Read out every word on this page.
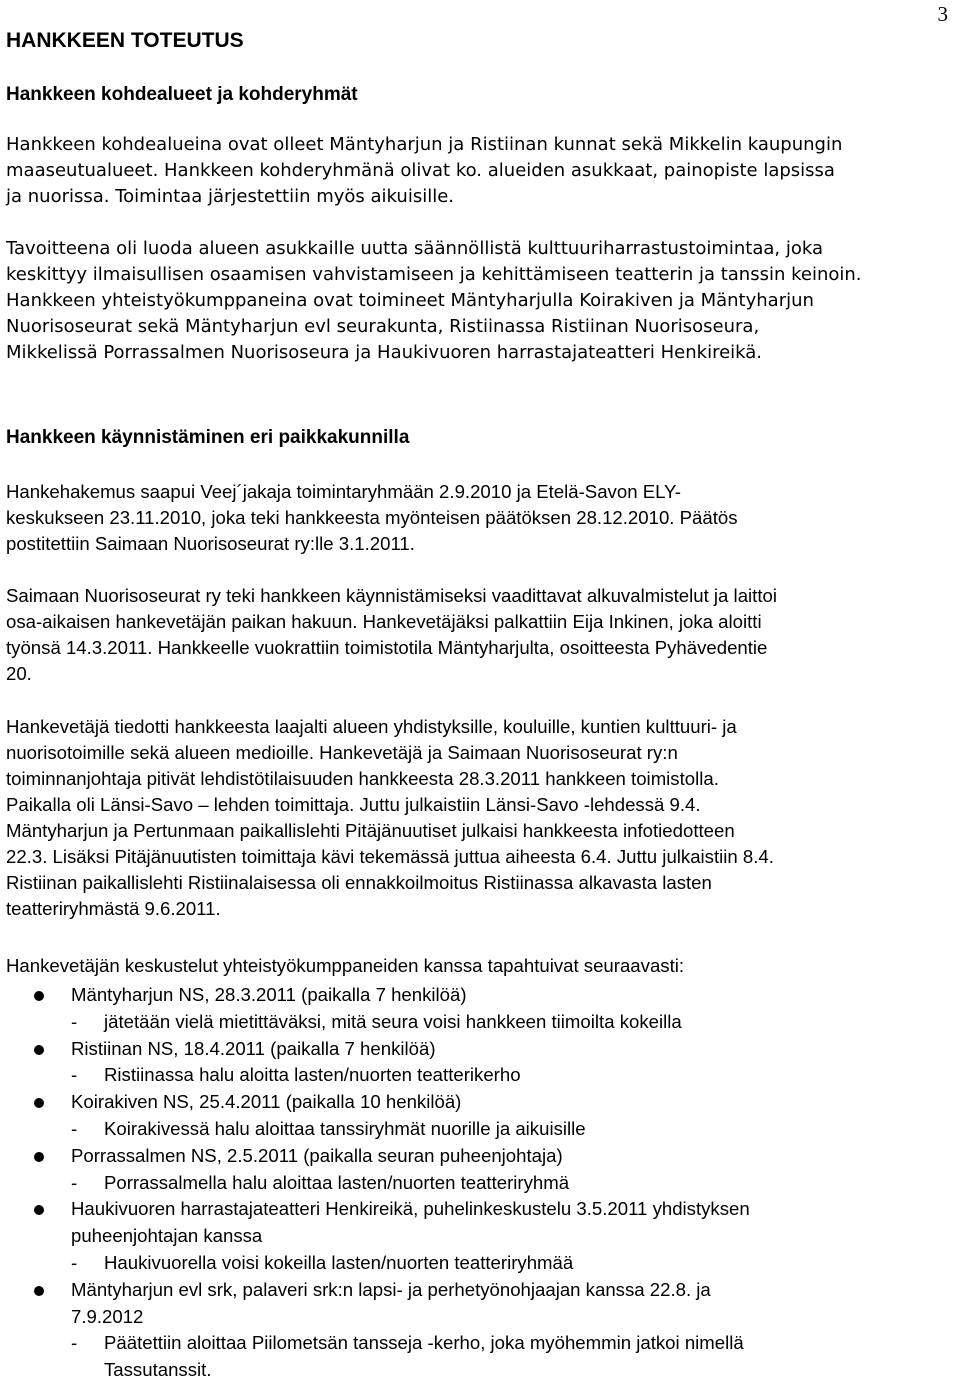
3

HANKKEEN TOTEUTUS
Hankkeen kohdealueet ja kohderyhmät

Hankkeen kohdealueina ovat olleet Mäntyharjun ja Ristiinan kunnat sekä Mikkelin kaupungin
maaseutualueet. Hankkeen kohderyhmänä olivat ko. alueiden asukkaat, painopiste lapsissa
ja nuorissa. Toimintaa järjestettiin myös aikuisille.

Tavoitteena oli luoda alueen asukkaille uutta säännöllistä kulttuuriharrastustoimintaa, joka
keskittyy ilmaisullisen osaamisen vahvistamiseen ja kehittämiseen teatterin ja tanssin keinoin.
Hankkeen yhteistyökumppaneina ovat toimineet Mäntyharjulla Koirakiven ja Mäntyharjun
Nuorisoseurat sekä Mäntyharjun evl seurakunta, Ristiinassa Ristiinan Nuorisoseura,
Mikkelissä Porrassalmen Nuorisoseura ja Haukivuoren harrastajateatteri Henkireikä.

Hankkeen käynnistäminen eri paikkakunnilla

Hankehakemus saapui Veej´jakaja toimintaryhmään 2.9.2010 ja Etelä-Savon ELY-
keskukseen 23.11.2010, joka teki hankkeesta myönteisen päätöksen 28.12.2010. Päätös
postitettiin Saimaan Nuorisoseurat ry:lle 3.1.2011.

Saimaan Nuorisoseurat ry teki hankkeen käynnistämiseksi vaadittavat alkuvalmistelut ja laittoi
osa-aikaisen hankevetäjän paikan hakuun. Hankevetäjäksi palkattiin Eija Inkinen, joka aloitti
työnsä 14.3.2011. Hankkeelle vuokrattiin toimistotila Mäntyharjulta, osoitteesta Pyhävedentie
20.

Hankevetäjä tiedotti hankkeesta laajalti alueen yhdistyksille, kouluille, kuntien kulttuuri- ja
nuorisotoimille sekä alueen medioille. Hankevetäjä ja Saimaan Nuorisoseurat ry:n
toiminnanjohtaja pitivät lehdistötilaisuuden hankkeesta 28.3.2011 hankkeen toimistolla.
Paikalla oli Länsi-Savo – lehden toimittaja. Juttu julkaistiin Länsi-Savo -lehdessä 9.4.
Mäntyharjun ja Pertunmaan paikallislehti Pitäjänuutiset julkaisi hankkeesta infotiedotteen
22.3. Lisäksi Pitäjänuutisten toimittaja kävi tekemässä juttua aiheesta 6.4. Juttu julkaistiin 8.4.
Ristiinan paikallislehti Ristiinalaisessa oli ennakkoilmoitus Ristiinassa alkavasta lasten
teatteriryhmästä 9.6.2011.

Hankevetäjän keskustelut yhteistyökumppaneiden kanssa tapahtuivat seuraavasti:

Mäntyharjun NS, 28.3.2011 (paikalla 7 henkilöä)
- jätetään vielä mietittäväksi, mitä seura voisi hankkeen tiimoilta kokeilla
Ristiinan NS, 18.4.2011 (paikalla 7 henkilöä)
- Ristiinassa halu aloitta lasten/nuorten teatterikerho
Koirakiven NS, 25.4.2011 (paikalla 10 henkilöä)
- Koirakivessä halu aloittaa tanssiryhmät nuorille ja aikuisille
Porrassalmen NS, 2.5.2011 (paikalla seuran puheenjohtaja)
- Porrassalmella halu aloittaa lasten/nuorten teatteriryhmä
Haukivuoren harrastajateatteri Henkireikä, puhelinkeskustelu 3.5.2011 yhdistyksen
puheenjohtajan kanssa
- Haukivuorella voisi kokeilla lasten/nuorten teatteriryhmää
Mäntyharjun evl srk, palaveri srk:n lapsi- ja perhetyönohjaajan kanssa 22.8. ja
7.9.2012
- Päätettiin aloittaa Piilometsän tansseja -kerho, joka myöhemmin jatkoi nimellä
Tassutanssit.
